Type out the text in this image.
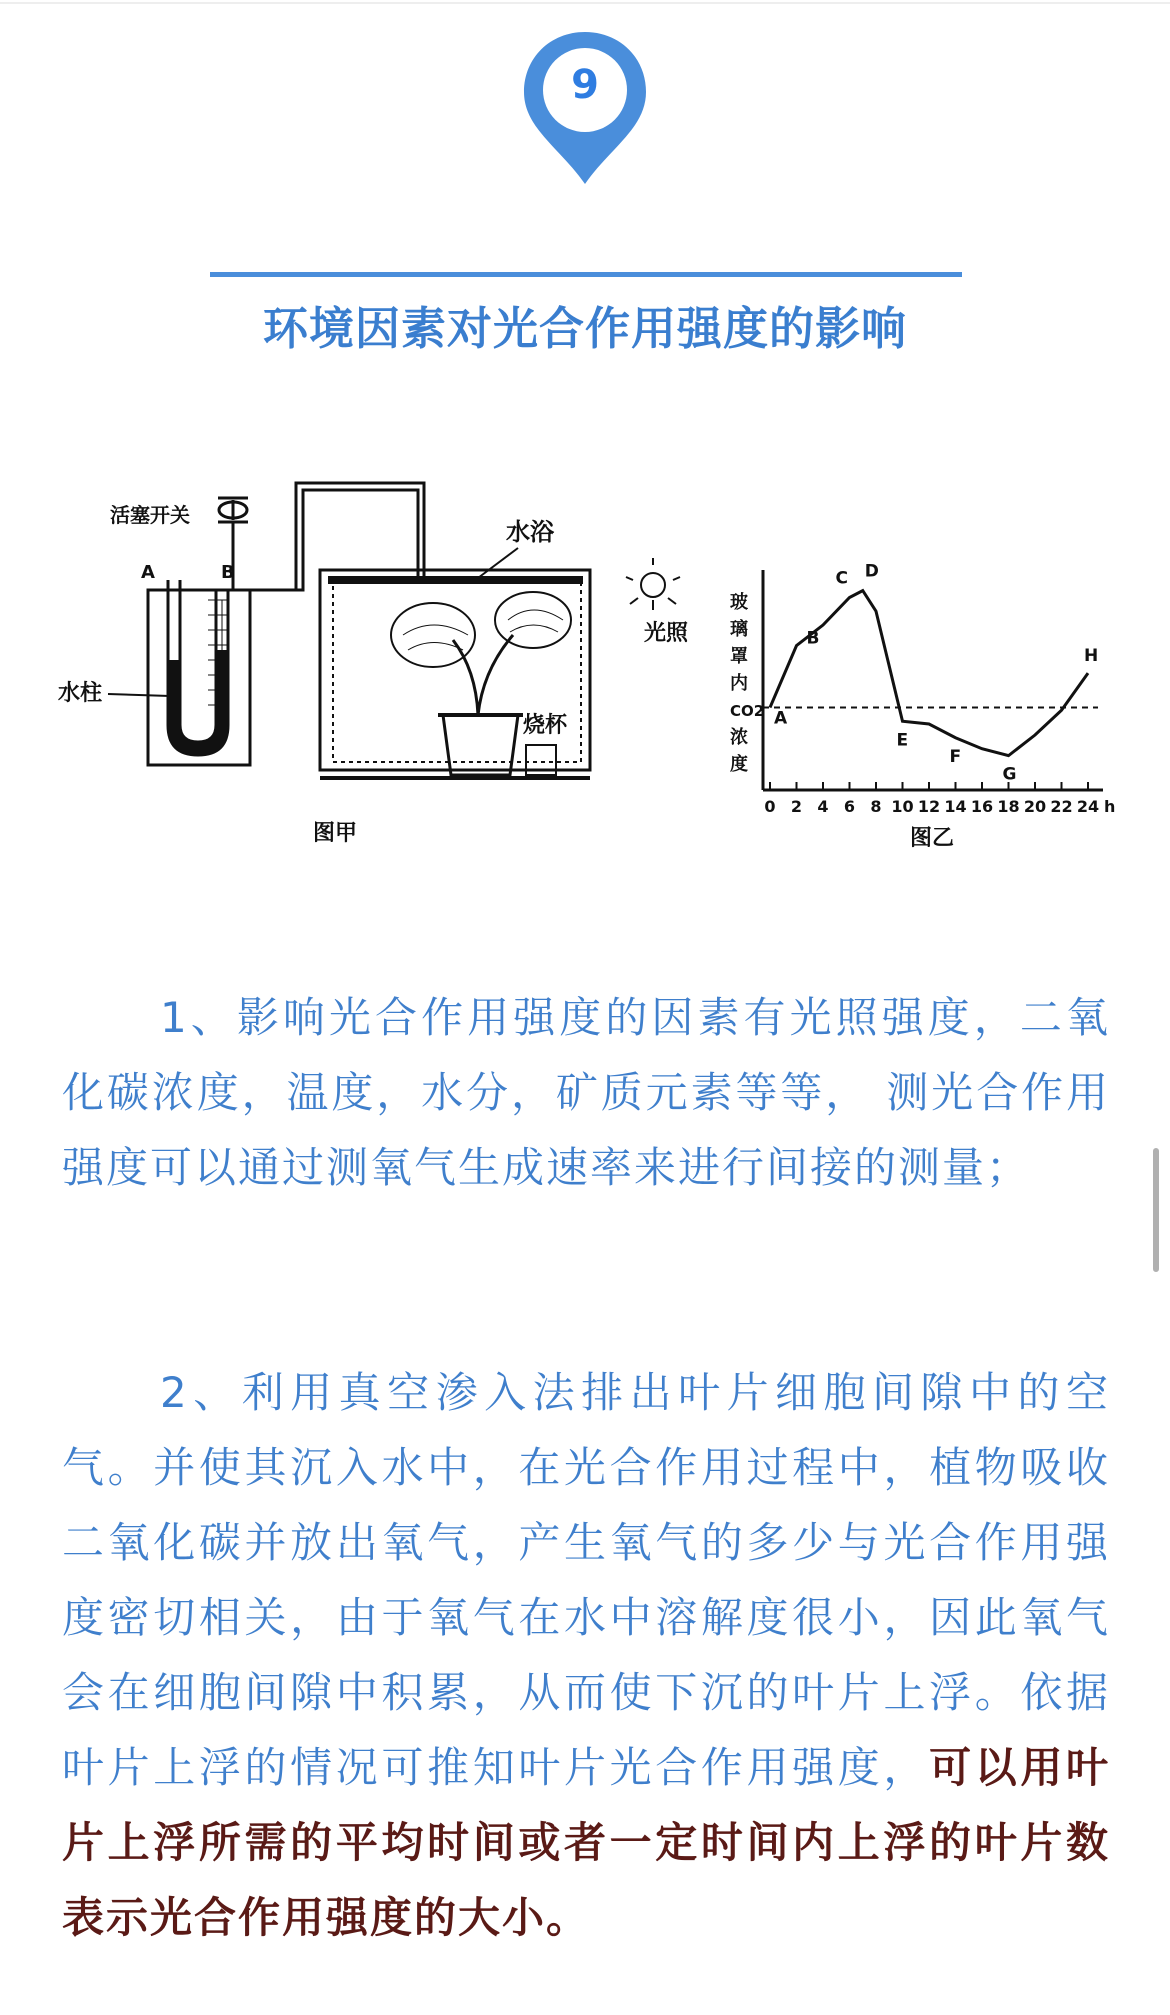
9
环境因素对光合作用强度的影响
活塞开关
A	B
水浴
水柱
烧杯
光照
图甲
0 2 4 6 8 10 12 14 16 18 20 22 24 h
A
B
C D
E
F
G
H
玻
璃
罩
内
CO2
浓
度
图乙
1、影响光合作用强度的因素有光照强度，二氧化碳浓度，温度，水分，矿质元素等等， 测光合作用强度可以通过测氧气生成速率来进行间接的测量；
2、利用真空渗入法排出叶片细胞间隙中的空气。并使其沉入水中，在光合作用过程中，植物吸收二氧化碳并放出氧气，产生氧气的多少与光合作用强度密切相关，由于氧气在水中溶解度很小，因此氧气会在细胞间隙中积累，从而使下沉的叶片上浮。依据叶片上浮的情况可推知叶片光合作用强度，可以用叶片上浮所需的平均时间或者一定时间内上浮的叶片数表示光合作用强度的大小。
